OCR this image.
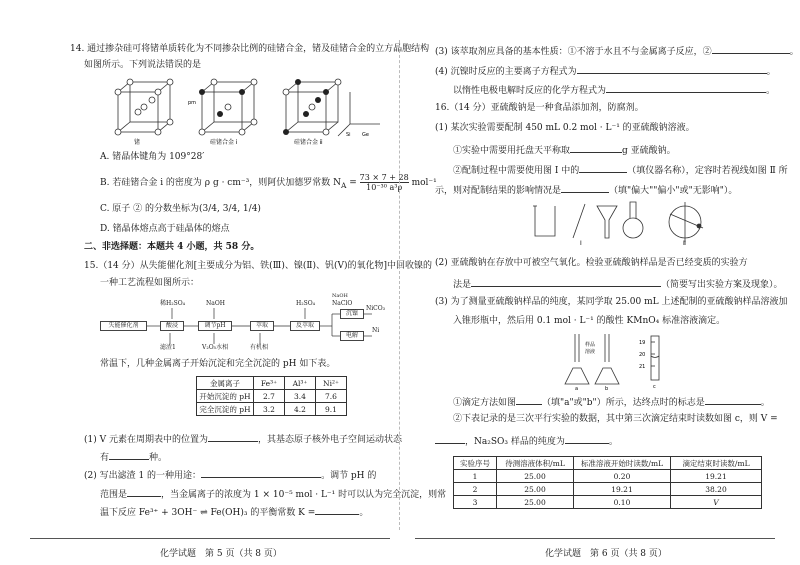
14. 通过掺杂硅可将锗单质转化为不同掺杂比例的硅锗合金，锗及硅锗合金的立方晶胞结构
如图所示。下列说法错误的是
锗	硅锗合金 ⅰ	硅锗合金 ⅱ
pm
Si Ge
A. 锗晶体键角为 109°28′
B. 若硅锗合金 ⅰ 的密度为 ρ g · cm⁻³，则阿伏加德罗常数 $N_A = \frac{73 \times 7 + 28}{\text{10⁻³⁰ a³ρ}} mol^{-1}$
C. 原子 ② 的分数坐标为(3/4, 3/4, 1/4)
D. 锗晶体熔点高于硅晶体的熔点
二、非选择题：本题共 4 小题，共 58 分。
15.（14 分）从失能催化剂[主要成分为铝、铁(Ⅲ)、镍(Ⅱ)、钒(Ⅴ)的氧化物]中回收镍的
一种工艺流程如图所示：
失能催化剂	酸浸	调节pH	萃取	反萃取
沉镍
电解
稀H₂SO₄	NaOH	H₂SO₄	NaClO
NaOH
滤渣1	V₂O₅水相	有机相
NiCO₃
Ni
常温下，几种金属离子开始沉淀和完全沉淀的 pH 如下表。
金属离子	Fe³⁺	Al³⁺	Ni²⁺
开始沉淀的 pH	2.7	3.4	7.6
完全沉淀的 pH	3.2	4.2	9.1
(1) V 元素在周期表中的位置为	，其基态原子核外电子空间运动状态
有	种。
(2) 写出滤渣 1 的一种用途：	。调节 pH 的
范围是	，当金属离子的浓度为 1 × 10⁻⁵ mol · L⁻¹ 时可以认为完全沉淀，则常
温下反应 Fe³⁺ + 3OH⁻ ⇌ Fe(OH)₃ 的平衡常数 K =	。
化学试题　第 5 页（共 8 页）
(3) 该萃取剂应具备的基本性质：①不溶于水且不与金属离子反应，②	。
(4) 沉镍时反应的主要离子方程式为	。
以惰性电极电解时反应的化学方程式为	。
16.（14 分）亚硫酸钠是一种食品添加剂，防腐剂。
(1) 某次实验需要配制 450 mL 0.2 mol · L⁻¹ 的亚硫酸钠溶液。
①实验中需要用托盘天平称取	g 亚硫酸钠。
②配制过程中需要使用图 Ⅰ 中的	（填仪器名称），定容时若视线如图 Ⅱ 所
示，则对配制结果的影响情况是	（填"偏大""偏小"或"无影响"）。
Ⅰ	Ⅱ
(2) 亚硫酸钠在存放中可被空气氧化。检验亚硫酸钠样品是否已经变质的实验方
法是	（简要写出实验方案及现象）。
(3) 为了测量亚硫酸钠样品的纯度，某同学取 25.00 mL 上述配制的亚硫酸钠样品溶液加
入锥形瓶中，然后用 0.1 mol · L⁻¹ 的酸性 KMnO₄ 标准溶液滴定。
样品
溶液
a	b
19
20
21
c
①滴定方法如图	（填"a"或"b"）所示，达终点时的标志是	。
②下表记录的是三次平行实验的数据，其中第三次滴定结束时读数如图 c，则 V =
，Na₂SO₃ 样品的纯度为	。
实验序号	待测溶液体积/mL	标准溶液开始时读数/mL	滴定结束时读数/mL
1	25.00	0.20	19.21
2	25.00	19.21	38.20
3	25.00	0.10	V
化学试题　第 6 页（共 8 页）
